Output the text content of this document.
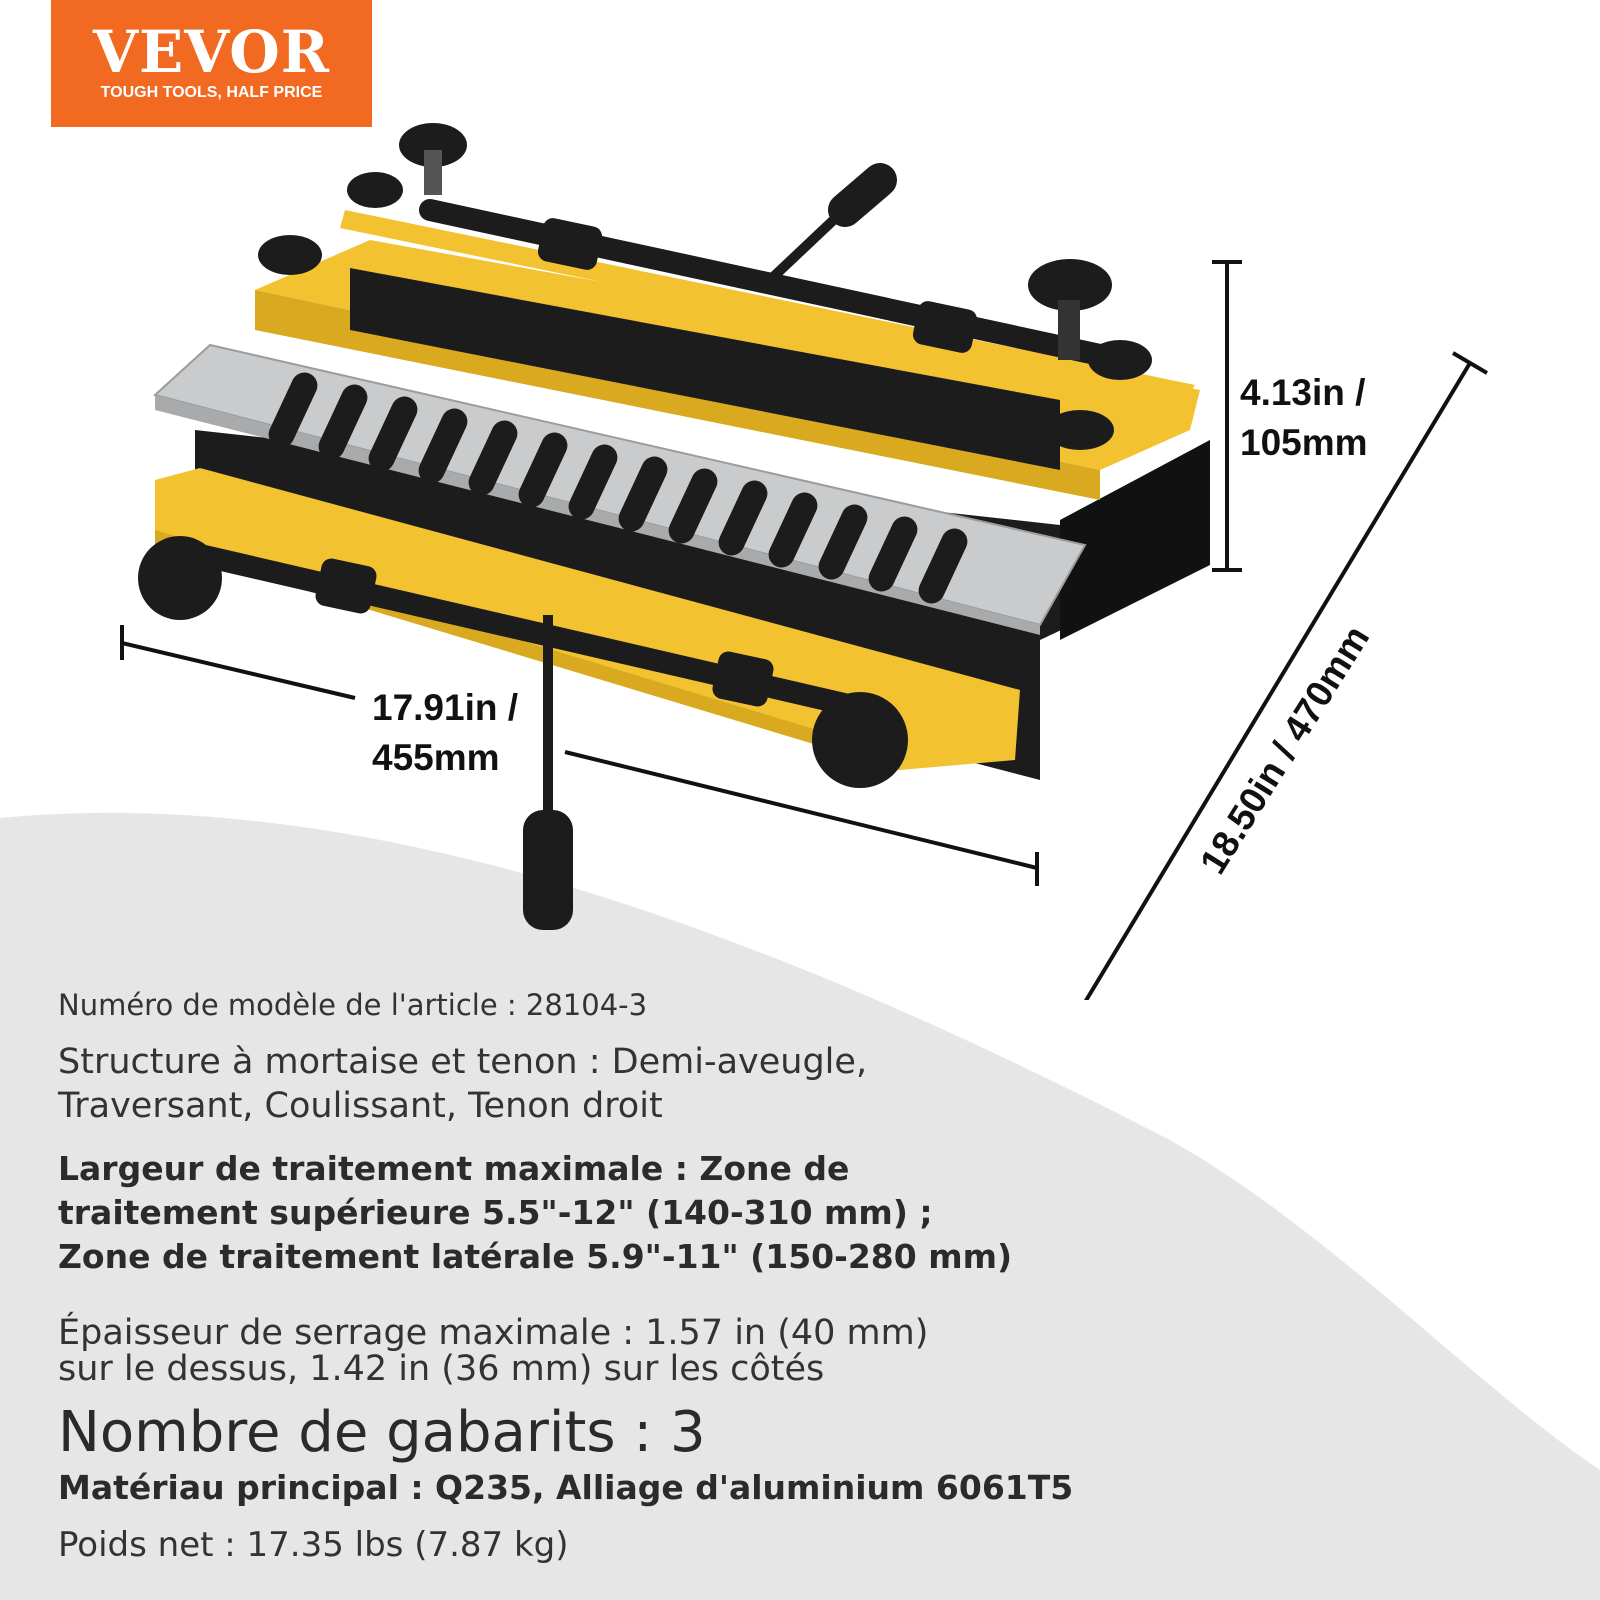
VEVOR
TOUGH TOOLS, HALF PRICE
4.13in / 105mm
17.91in / 455mm	18.50in / 470mm
Numéro de modèle de l'article : 28104-3
Structure à mortaise et tenon : Demi-aveugle, Traversant, Coulissant, Tenon droit
Largeur de traitement maximale : Zone de traitement supérieure 5.5"-12" (140-310 mm) ; Zone de traitement latérale 5.9"-11" (150-280 mm)
Épaisseur de serrage maximale : 1.57 in (40 mm) sur le dessus, 1.42 in (36 mm) sur les côtés
Nombre de gabarits : 3
Matériau principal : Q235, Alliage d'aluminium 6061T5
Poids net : 17.35 lbs (7.87 kg)
